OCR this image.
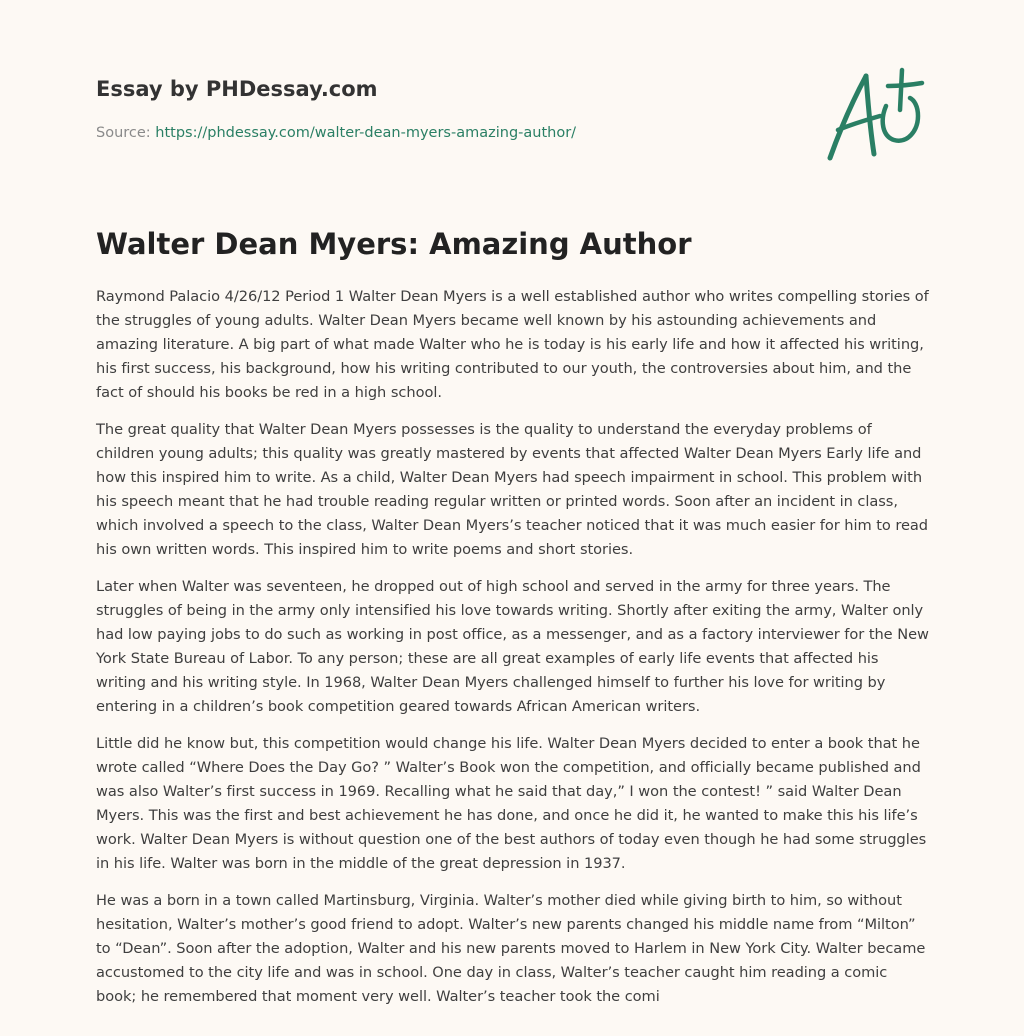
Essay by PHDessay.com
Source: https://phdessay.com/walter-dean-myers-amazing-author/
Walter Dean Myers: Amazing Author

Raymond Palacio 4/26/12 Period 1 Walter Dean Myers is a well established author who writes compelling stories of the struggles of young adults. Walter Dean Myers became well known by his astounding achievements and amazing literature. A big part of what made Walter who he is today is his early life and how it affected his writing, his first success, his background, how his writing contributed to our youth, the controversies about him, and the fact of should his books be red in a high school.

The great quality that Walter Dean Myers possesses is the quality to understand the everyday problems of children young adults; this quality was greatly mastered by events that affected Walter Dean Myers Early life and how this inspired him to write. As a child, Walter Dean Myers had speech impairment in school. This problem with his speech meant that he had trouble reading regular written or printed words. Soon after an incident in class, which involved a speech to the class, Walter Dean Myers’s teacher noticed that it was much easier for him to read his own written words. This inspired him to write poems and short stories.

Later when Walter was seventeen, he dropped out of high school and served in the army for three years. The struggles of being in the army only intensified his love towards writing. Shortly after exiting the army, Walter only had low paying jobs to do such as working in post office, as a messenger, and as a factory interviewer for the New York State Bureau of Labor. To any person; these are all great examples of early life events that affected his writing and his writing style. In 1968, Walter Dean Myers challenged himself to further his love for writing by entering in a children’s book competition geared towards African American writers.

Little did he know but, this competition would change his life. Walter Dean Myers decided to enter a book that he wrote called “Where Does the Day Go? ” Walter’s Book won the competition, and officially became published and was also Walter’s first success in 1969. Recalling what he said that day,” I won the contest! ” said Walter Dean Myers. This was the first and best achievement he has done, and once he did it, he wanted to make this his life’s work. Walter Dean Myers is without question one of the best authors of today even though he had some struggles in his life. Walter was born in the middle of the great depression in 1937.

He was a born in a town called Martinsburg, Virginia. Walter’s mother died while giving birth to him, so without hesitation, Walter’s mother’s good friend to adopt. Walter’s new parents changed his middle name from “Milton” to “Dean”. Soon after the adoption, Walter and his new parents moved to Harlem in New York City. Walter became accustomed to the city life and was in school. One day in class, Walter’s teacher caught him reading a comic book; he remembered that moment very well. Walter’s teacher took the comi
